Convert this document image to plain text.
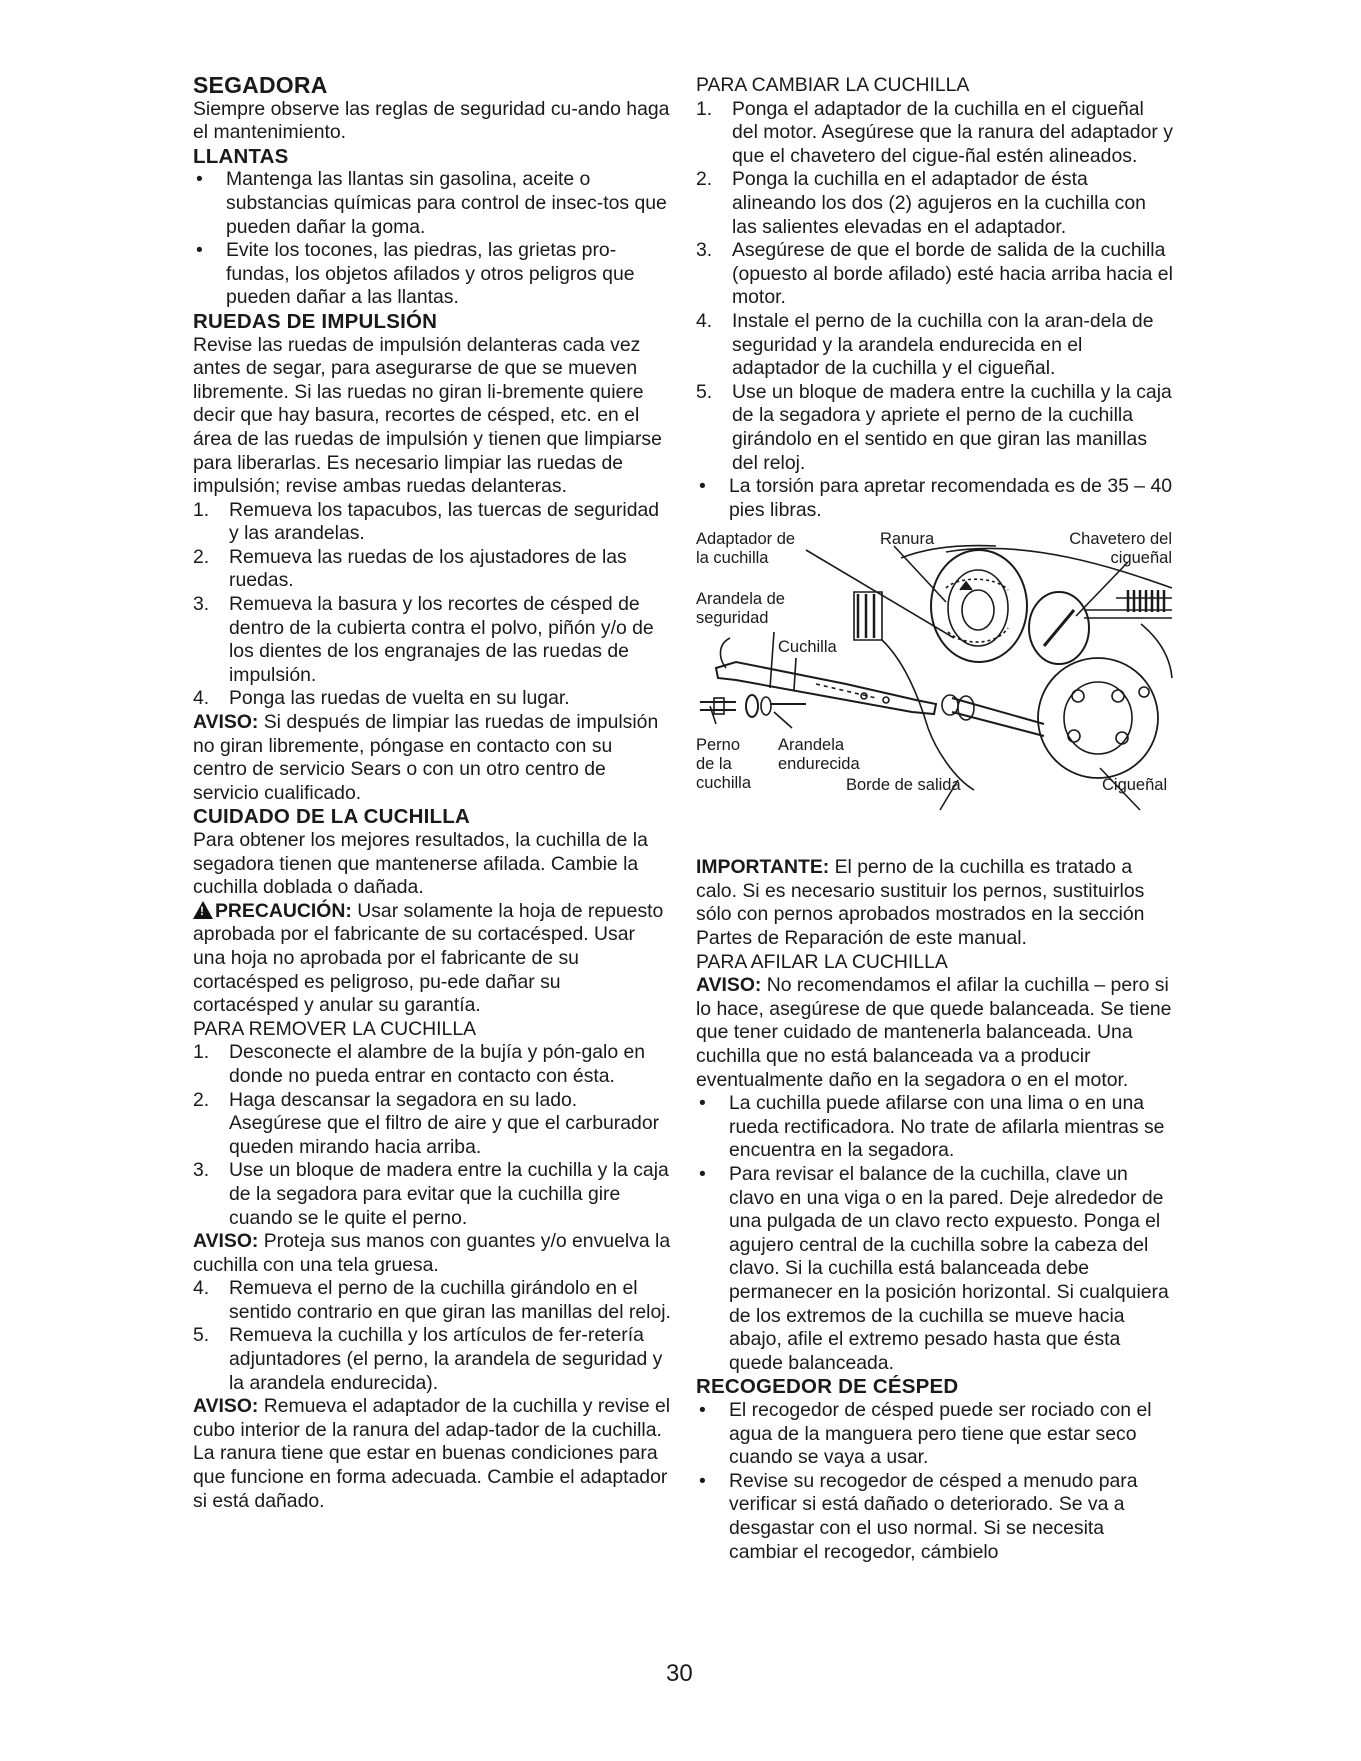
SEGADORA

Siempre observe las reglas de seguridad cu-ando haga el mantenimiento.

LLANTAS
• Mantenga las llantas sin gasolina, aceite o substancias químicas para control de insec-tos que pueden dañar la goma.
• Evite los tocones, las piedras, las grietas pro-fundas, los objetos afilados y otros peligros que pueden dañar a las llantas.
RUEDAS DE IMPULSIÓN

Revise las ruedas de impulsión delanteras cada vez antes de segar, para asegurarse de que se mueven libremente. Si las ruedas no giran li-bremente quiere decir que hay basura, recortes de césped, etc. en el área de las ruedas de impulsión y tienen que limpiarse para liberarlas. Es necesario limpiar las ruedas de impulsión; revise ambas ruedas delanteras.

1. Remueva los tapacubos, las tuercas de seguridad y las arandelas.
2. Remueva las ruedas de los ajustadores de las ruedas.
3. Remueva la basura y los recortes de césped de dentro de la cubierta contra el polvo, piñón y/o de los dientes de los engranajes de las ruedas de impulsión.
4. Ponga las ruedas de vuelta en su lugar.

AVISO: Si después de limpiar las ruedas de impulsión no giran libremente, póngase en contacto con su centro de servicio Sears o con un otro centro de servicio cualificado.

CUIDADO DE LA CUCHILLA

Para obtener los mejores resultados, la cuchilla de la segadora tienen que mantenerse afilada. Cambie la cuchilla doblada o dañada.

!PRECAUCIÓN: Usar solamente la hoja de repuesto aprobada por el fabricante de su cortacésped. Usar una hoja no aprobada por el fabricante de su cortacésped es peligroso, pu-ede dañar su cortacésped y anular su garantía.

PARA REMOVER LA CUCHILLA
1. Desconecte el alambre de la bujía y pón-galo en donde no pueda entrar en contacto con ésta.
2. Haga descansar la segadora en su lado. Asegúrese que el filtro de aire y que el carburador queden mirando hacia arriba.
3. Use un bloque de madera entre la cuchilla y la caja de la segadora para evitar que la cuchilla gire cuando se le quite el perno.

AVISO: Proteja sus manos con guantes y/o envuelva la cuchilla con una tela gruesa.

4. Remueva el perno de la cuchilla girándolo en el sentido contrario en que giran las manillas del reloj.
5. Remueva la cuchilla y los artículos de fer-retería adjuntadores (el perno, la arandela de seguridad y la arandela endurecida).

AVISO: Remueva el adaptador de la cuchilla y revise el cubo interior de la ranura del adap-tador de la cuchilla. La ranura tiene que estar en buenas condiciones para que funcione en forma adecuada. Cambie el adaptador si está dañado.

PARA CAMBIAR LA CUCHILLA
1. Ponga el adaptador de la cuchilla en el cigueñal del motor. Asegúrese que la ranura del adaptador y que el chavetero del cigue-ñal estén alineados.
2. Ponga la cuchilla en el adaptador de ésta alineando los dos (2) agujeros en la cuchilla con las salientes elevadas en el adaptador.
3. Asegúrese de que el borde de salida de la cuchilla (opuesto al borde afilado) esté hacia arriba hacia el motor.
4. Instale el perno de la cuchilla con la aran-dela de seguridad y la arandela endurecida en el adaptador de la cuchilla y el cigueñal.
5. Use un bloque de madera entre la cuchilla y la caja de la segadora y apriete el perno de la cuchilla girándolo en el sentido en que giran las manillas del reloj.
• La torsión para apretar recomendada es de 35 – 40 pies libras.
Adaptador de
la cuchilla
Ranura	Chavetero del
cigueñal
Arandela de
seguridad
Cuchilla
Perno
de la
cuchilla
Arandela
endurecida
Borde de salida	Cigueñal

IMPORTANTE: El perno de la cuchilla es tratado a calo. Si es necesario sustituir los pernos, sustituirlos sólo con pernos aprobados mostrados en la sección Partes de Reparación de este manual.

PARA AFILAR LA CUCHILLA

AVISO: No recomendamos el afilar la cuchilla – pero si lo hace, asegúrese de que quede balanceada. Se tiene que tener cuidado de mantenerla balanceada. Una cuchilla que no está balanceada va a producir eventualmente daño en la segadora o en el motor.

• La cuchilla puede afilarse con una lima o en una rueda rectificadora. No trate de afilarla mientras se encuentra en la segadora.
• Para revisar el balance de la cuchilla, clave un clavo en una viga o en la pared. Deje alrededor de una pulgada de un clavo recto expuesto. Ponga el agujero central de la cuchilla sobre la cabeza del clavo. Si la cuchilla está balanceada debe permanecer en la posición horizontal. Si cualquiera de los extremos de la cuchilla se mueve hacia abajo, afile el extremo pesado hasta que ésta quede balanceada.
RECOGEDOR DE CÉSPED
• El recogedor de césped puede ser rociado con el agua de la manguera pero tiene que estar seco cuando se vaya a usar.
• Revise su recogedor de césped a menudo para verificar si está dañado o deteriorado. Se va a desgastar con el uso normal. Si se necesita cambiar el recogedor, cámbielo
30
